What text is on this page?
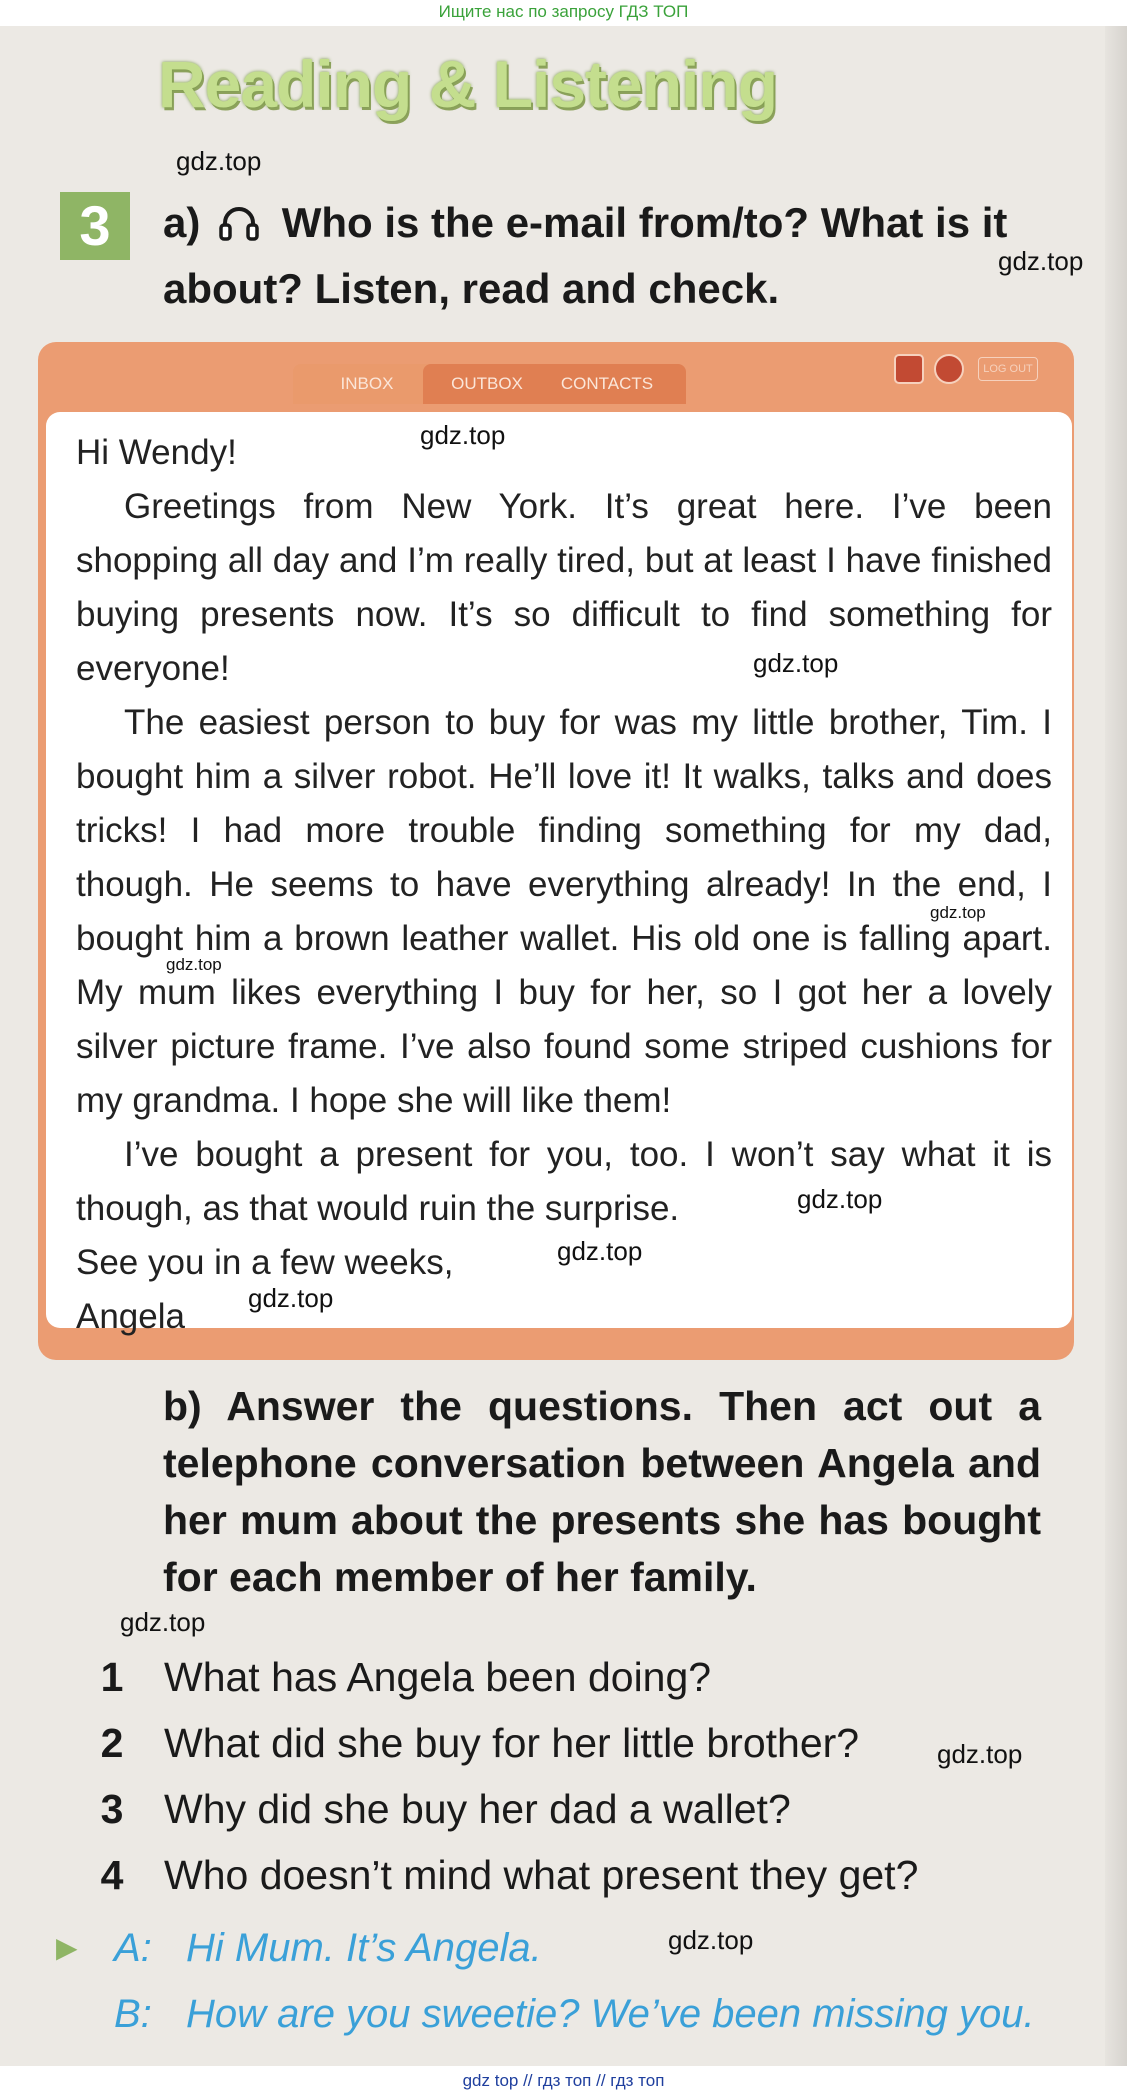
Ищите нас по запросу ГДЗ ТОП
Reading & Listening
3	a) Who is the e-mail from/to? What is it about? Listen, read and check.
INBOX	OUTBOX	CONTACTS
LOG OUT

Hi Wendy!

Greetings from New York. It’s great here. I’ve been shopping all day and I’m really tired, but at least I have finished buying presents now. It’s so difficult to find something for everyone!

The easiest person to buy for was my little brother, Tim. I bought him a silver robot. He’ll love it! It walks, talks and does tricks! I had more trouble finding something for my dad, though. He seems to have everything already! In the end, I bought him a brown leather wallet. His old one is falling apart. My mum likes everything I buy for her, so I got her a lovely silver picture frame. I’ve also found some striped cushions for my grandma. I hope she will like them!

I’ve bought a present for you, too. I won’t say what it is though, as that would ruin the surprise.

See you in a few weeks,

Angela

b) Answer the questions. Then act out a telephone conversation between Angela and her mum about the presents she has bought for each member of her family.
1 What has Angela been doing?
2 What did she buy for her little brother?
3 Why did she buy her dad a wallet?
4 Who doesn’t mind what present they get?
▶ A: Hi Mum. It’s Angela.
B: How are you sweetie? We’ve been missing you.
gdz.top
gdz.top
gdz.top
gdz.top
gdz.top
gdz.top
gdz.top
gdz.top
gdz.top
gdz.top
gdz.top
gdz.top
gdz top // гдз топ // гдз топ
